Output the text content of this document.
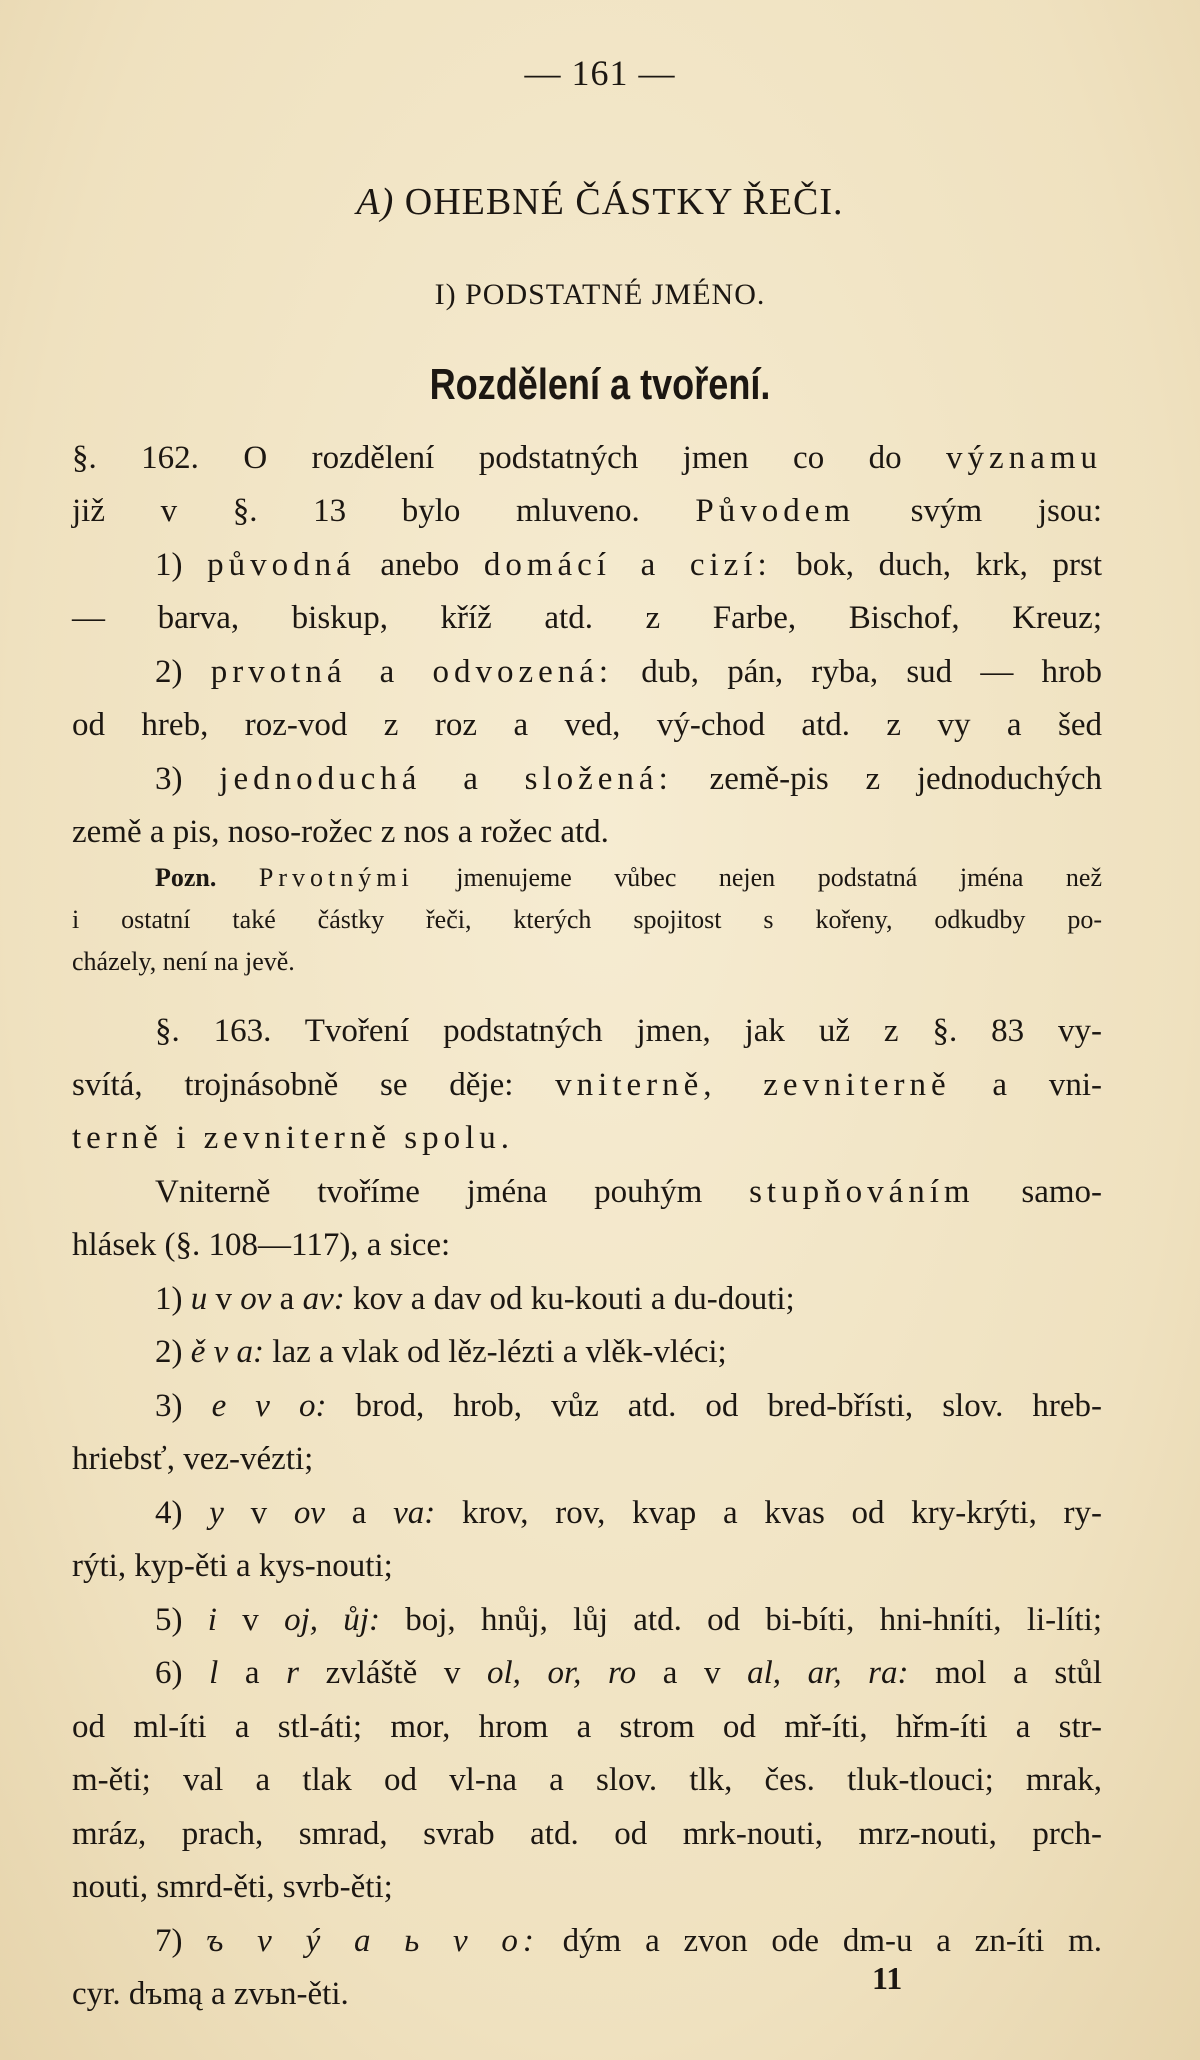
— 161 —
A) OHEBNÉ ČÁSTKY ŘEČI.
I) PODSTATNÉ JMÉNO.
Rozdělení a tvoření.
§. 162. O rozdělení podstatných jmen co do významu
již v §. 13 bylo mluveno. Původem svým jsou:
1) původná anebo domácí a cizí: bok, duch, krk, prst
— barva, biskup, kříž atd. z Farbe, Bischof, Kreuz;
2) prvotná a odvozená: dub, pán, ryba, sud — hrob
od hreb, roz-vod z roz a ved, vý-chod atd. z vy a šed
3) jednoduchá a složená: země-pis z jednoduchých
země a pis, noso-rožec z nos a rožec atd.
Pozn. Prvotnými jmenujeme vůbec nejen podstatná jména než
i ostatní také částky řeči, kterých spojitost s kořeny, odkudby po-
cházely, není na jevě.
§. 163. Tvoření podstatných jmen, jak už z §. 83 vy-
svítá, trojnásobně se děje: vniterně, zevniterně a vni-
terně i zevniterně spolu.
Vniterně tvoříme jména pouhým stupňováním samo-
hlásek (§. 108—117), a sice:
1) u v ov a av: kov a dav od ku-kouti a du-douti;
2) ě v a: laz a vlak od lěz-lézti a vlěk-vléci;
3) e v o: brod, hrob, vůz atd. od bred-břísti, slov. hreb-
hriebsť, vez-vézti;
4) y v ov a va: krov, rov, kvap a kvas od kry-krýti, ry-
rýti, kyp-ěti a kys-nouti;
5) i v oj, ůj: boj, hnůj, lůj atd. od bi-bíti, hni-hníti, li-líti;
6) l a r zvláště v ol, or, ro a v al, ar, ra: mol a stůl
od ml-íti a stl-áti; mor, hrom a strom od mř-íti, hřm-íti a str-
m-ěti; val a tlak od vl-na a slov. tlk, čes. tluk-tlouci; mrak,
mráz, prach, smrad, svrab atd. od mrk-nouti, mrz-nouti, prch-
nouti, smrd-ěti, svrb-ěti;
7) ъ v ý a ь v o: dým a zvon ode dm-u a zn-íti m.
cyr. dъmą a zvьn-ěti.	11
